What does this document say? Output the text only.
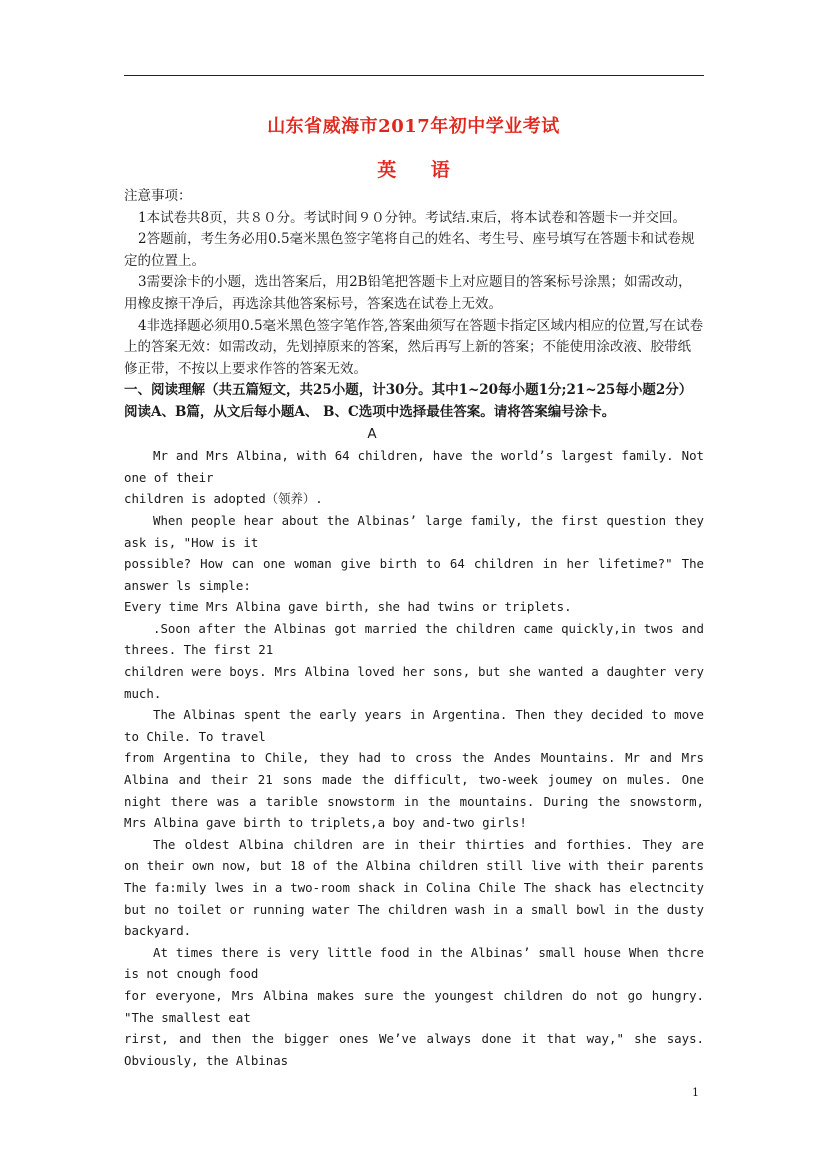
山东省威海市2017年初中学业考试
英 语

注意事项：

1本试卷共8页，共８０分。考试时间９０分钟。考试结.束后，将本试卷和答题卡一并交回。

2答题前，考生务必用0.5毫米黑色签字笔将自己的姓名、考生号、座号填写在答题卡和试卷规定的位置上。

3需要涂卡的小题，选出答案后，用2B铅笔把答题卡上对应题目的答案标号涂黑；如需改动，用橡皮擦干净后，再选涂其他答案标号，答案选在试卷上无效。

4非选择题必须用0.5毫米黑色签字笔作答,答案曲须写在答题卡指定区域内相应的位置,写在试卷上的答案无效：如需改动，先划掉原来的答案，然后再写上新的答案；不能使用涂改液、胶带纸修正带，不按以上要求作答的答案无效。

一、阅读理解（共五篇短文，共25小题，计30分。其中1~20每小题1分;21~25每小题2分）阅读A、B篇，从文后每小题A、 B、C选项中选择最佳答案。请将答案编号涂卡。

A

Mr and Mrs Albina, with 64 children, have the world’s largest family. Not one of their

children is adopted（领养）.

When people hear about the Albinas’ large family, the first question they ask is, "How is it

possible? How can one woman give birth to 64 children in her lifetime?" The answer ls simple:

Every time Mrs Albina gave birth, she had twins or triplets.

.Soon after the Albinas got married the children came quickly,in twos and threes. The first 21

children were boys. Mrs Albina loved her sons, but she wanted a daughter very much.

The Albinas spent the early years in Argentina. Then they decided to move to Chile. To travel

from Argentina to Chile, they had to cross the Andes Mountains. Mr and Mrs Albina and their 21 sons made the difficult, two-week joumey on mules. One night there was a tarible snowstorm in the mountains. During the snowstorm, Mrs Albina gave birth to triplets,a boy and-two girls!

The oldest Albina children are in their thirties and forthies. They are on their own now, but 18 of the Albina children still live with their parents The fa:mily lwes in a two-room shack in Colina Chile The shack has electncity but no toilet or running water The children wash in a small bowl in the dusty backyard.

At times there is very little food in the Albinas’ small house When thcre is not cnough food

for everyone, Mrs Albina makes sure the youngest children do not go hungry. "The smallest eat

rirst, and then the bigger ones We’ve always done it that way," she says. Obviously, the Albinas

1
